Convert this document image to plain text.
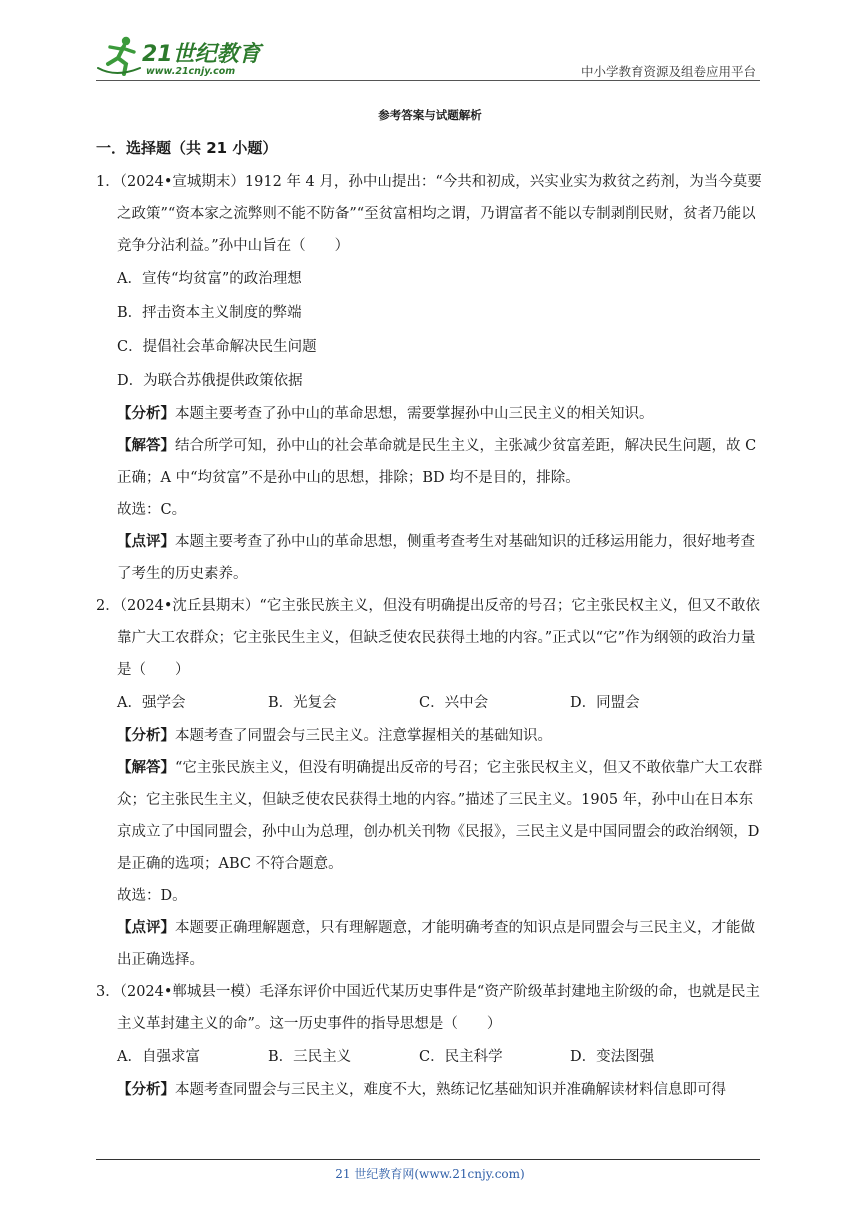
21世纪教育
www.21cnjy.com	中小学教育资源及组卷应用平台
参考答案与试题解析
一．选择题（共 21 小题）
1．（2024•宣城期末）1912 年 4 月，孙中山提出：“今共和初成，兴实业实为救贫之药剂，为当今莫要之政策”“资本家之流弊则不能不防备”“至贫富相均之谓，乃谓富者不能以专制剥削民财，贫者乃能以竞争分沾利益。”孙中山旨在（　　）
A．宣传“均贫富”的政治理想
B．抨击资本主义制度的弊端
C．提倡社会革命解决民生问题
D．为联合苏俄提供政策依据
【分析】本题主要考查了孙中山的革命思想，需要掌握孙中山三民主义的相关知识。
【解答】结合所学可知，孙中山的社会革命就是民生主义，主张减少贫富差距，解决民生问题，故 C 正确；A 中“均贫富”不是孙中山的思想，排除；BD 均不是目的，排除。
故选：C。
【点评】本题主要考查了孙中山的革命思想，侧重考查考生对基础知识的迁移运用能力，很好地考查了考生的历史素养。
2．（2024•沈丘县期末）“它主张民族主义，但没有明确提出反帝的号召；它主张民权主义，但又不敢依靠广大工农群众；它主张民生主义，但缺乏使农民获得土地的内容。”正式以“它”作为纲领的政治力量是（　　）
A．强学会	B．光复会	C．兴中会	D．同盟会
【分析】本题考查了同盟会与三民主义。注意掌握相关的基础知识。
【解答】“它主张民族主义，但没有明确提出反帝的号召；它主张民权主义，但又不敢依靠广大工农群众；它主张民生主义，但缺乏使农民获得土地的内容。”描述了三民主义。1905 年，孙中山在日本东京成立了中国同盟会，孙中山为总理，创办机关刊物《民报》，三民主义是中国同盟会的政治纲领，D 是正确的选项；ABC 不符合题意。
故选：D。
【点评】本题要正确理解题意，只有理解题意，才能明确考查的知识点是同盟会与三民主义，才能做出正确选择。
3．（2024•郸城县一模）毛泽东评价中国近代某历史事件是“资产阶级革封建地主阶级的命，也就是民主主义革封建主义的命”。这一历史事件的指导思想是（　　）
A．自强求富	B．三民主义	C．民主科学	D．变法图强
【分析】本题考查同盟会与三民主义，难度不大，熟练记忆基础知识并准确解读材料信息即可得
21 世纪教育网(www.21cnjy.com)
